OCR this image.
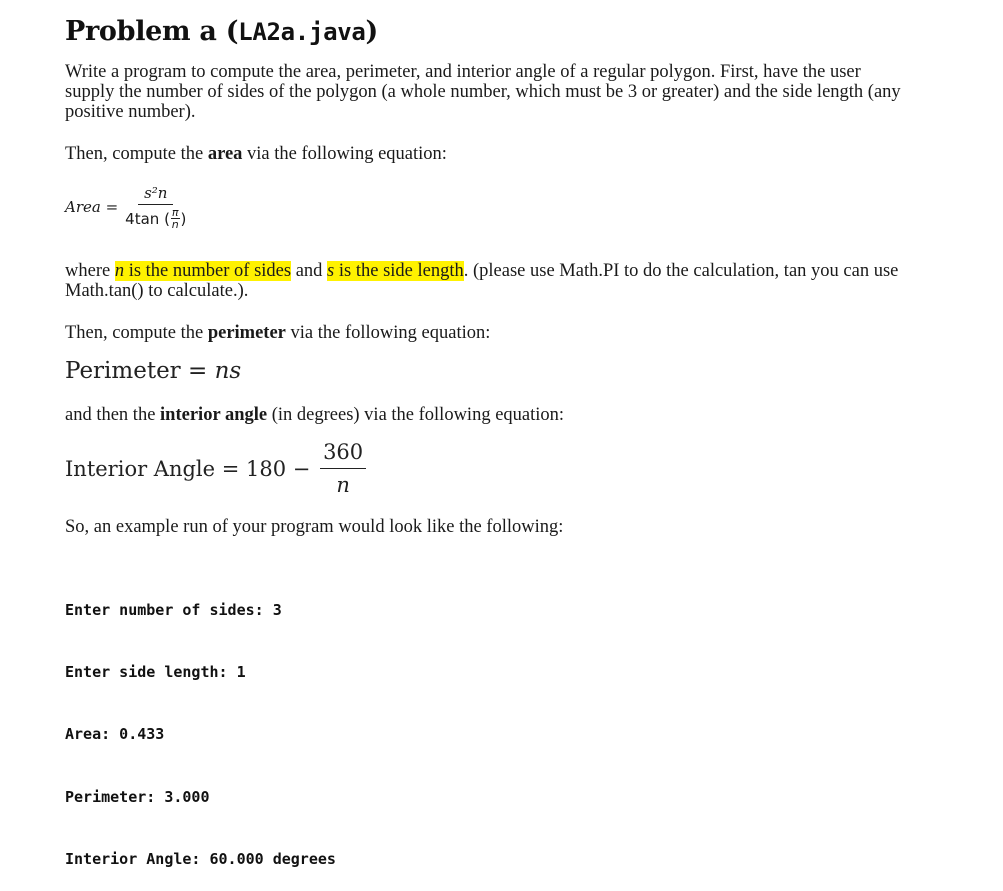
Problem a (LA2a.java)

Write a program to compute the area, perimeter, and interior angle of a regular polygon. First, have the user supply the number of sides of the polygon (a whole number, which must be 3 or greater) and the side length (any positive number).

Then, compute the area via the following equation:

Area = $\frac{\text{s²n}}{4\tan ( \frac{\pi}{n} )}$

where n is the number of sides and s is the side length. (please use Math.PI to do the calculation, tan you can use Math.tan() to calculate.).

Then, compute the perimeter via the following equation:

Perimeter = ns

and then the interior angle (in degrees) via the following equation:

Interior Angle = $180 - \frac{360}{n}$

So, an example run of your program would look like the following:

Enter number of sides: 3

Enter side length: 1

Area: 0.433

Perimeter: 3.000

Interior Angle: 60.000 degrees
